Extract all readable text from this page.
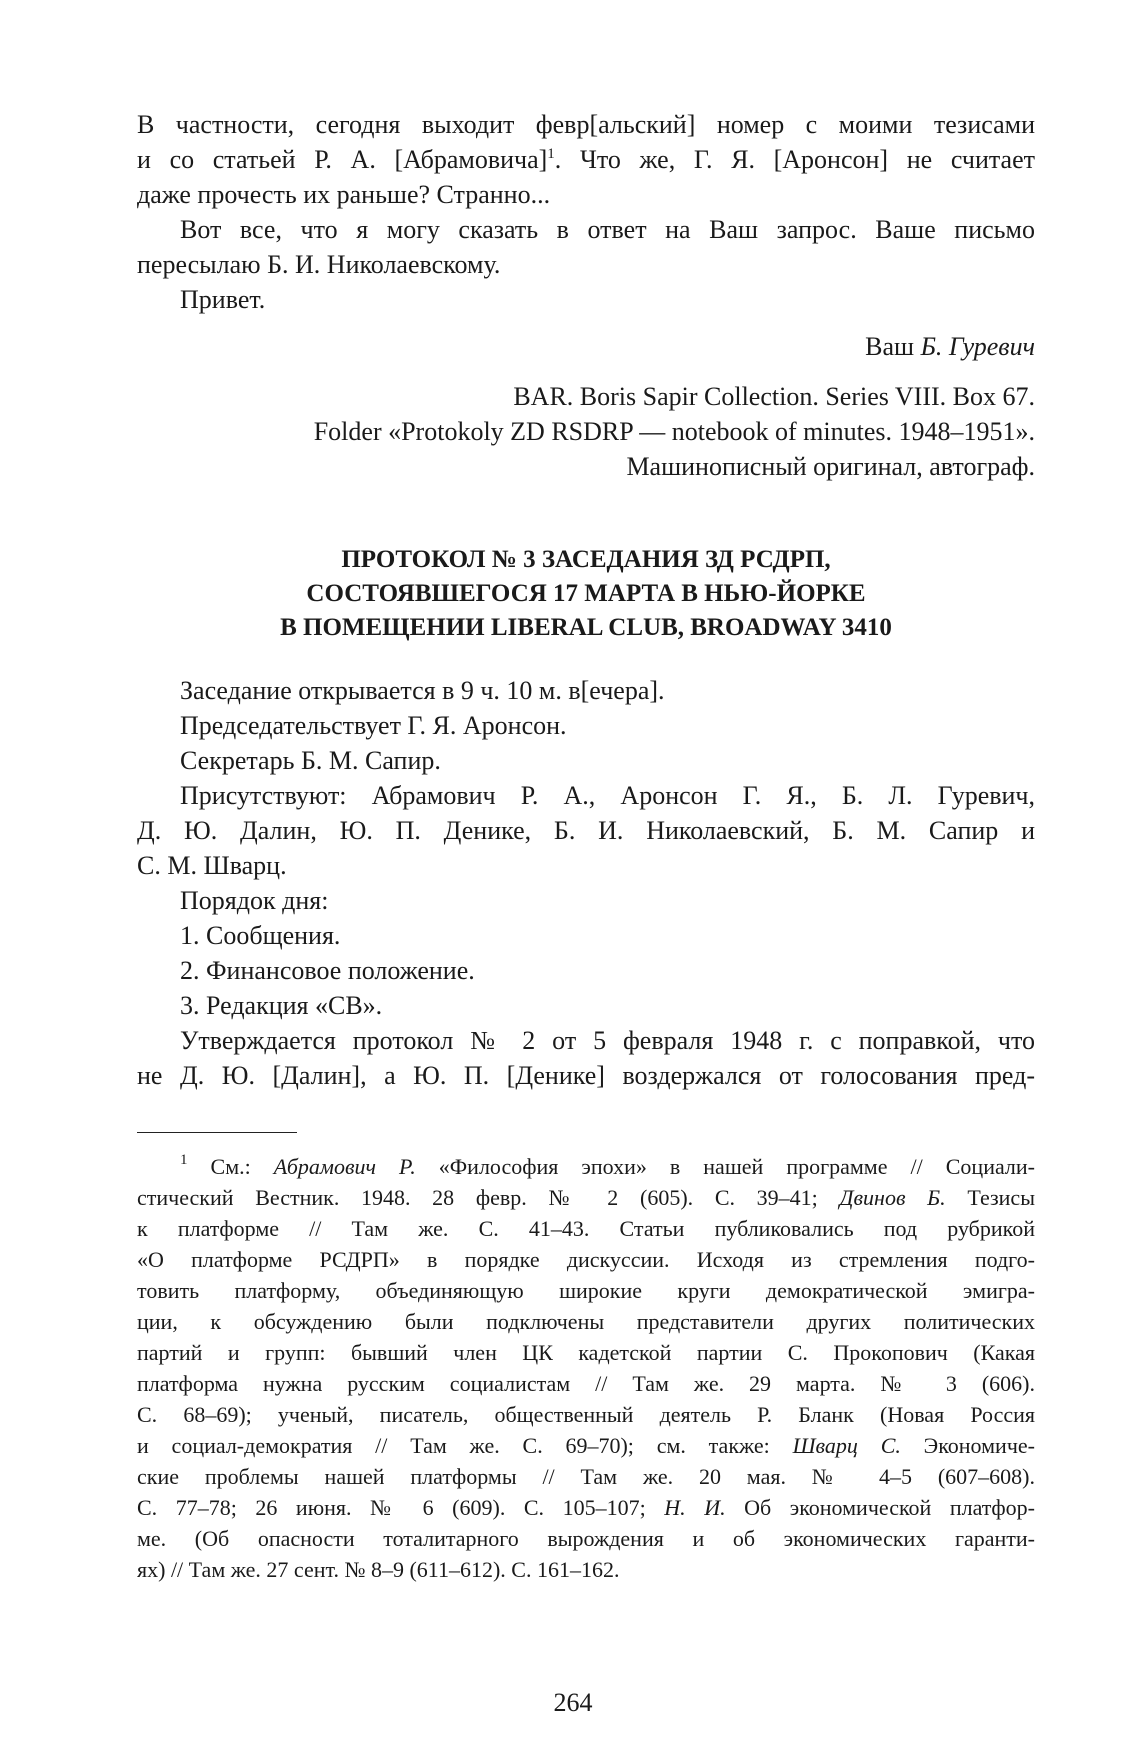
В частности, сегодня выходит февр[альский] номер с моими тезисами
и со статьей Р. А. [Абрамовича]$^1$. Что же, Г. Я. [Аронсон] не считает
даже прочесть их раньше? Странно...
Вот все, что я могу сказать в ответ на Ваш запрос. Ваше письмо
пересылаю Б. И. Николаевскому.
Привет.
Ваш Б. Гуревич
BAR. Boris Sapir Collection. Series VIII. Box 67.
Folder «Protokoly ZD RSDRP — notebook of minutes. 1948–1951».
Машинописный оригинал, автограф.
ПРОТОКОЛ № 3 ЗАСЕДАНИЯ ЗД РСДРП,
СОСТОЯВШЕГОСЯ 17 МАРТА В НЬЮ-ЙОРКЕ
В ПОМЕЩЕНИИ LIBERAL CLUB, BROADWAY 3410
Заседание открывается в 9 ч. 10 м. в[ечера].
Председательствует Г. Я. Аронсон.
Секретарь Б. М. Сапир.
Присутствуют: Абрамович Р. А., Аронсон Г. Я., Б. Л. Гуревич,
Д. Ю. Далин, Ю. П. Денике, Б. И. Николаевский, Б. М. Сапир и
С. М. Шварц.
Порядок дня:
1. Сообщения.
2. Финансовое положение.
3. Редакция «СВ».
Утверждается протокол № 2 от 5 февраля 1948 г. с поправкой, что
не Д. Ю. [Далин], а Ю. П. [Денике] воздержался от голосования пред-
$^1$ См.: Абрамович Р. «Философия эпохи» в нашей программе // Социали-
стический Вестник. 1948. 28 февр. № 2 (605). С. 39–41; Двинов Б. Тезисы
к платформе // Там же. С. 41–43. Статьи публиковались под рубрикой
«О платформе РСДРП» в порядке дискуссии. Исходя из стремления подго-
товить платформу, объединяющую широкие круги демократической эмигра-
ции, к обсуждению были подключены представители других политических
партий и групп: бывший член ЦК кадетской партии С. Прокопович (Какая
платформа нужна русским социалистам // Там же. 29 марта. № 3 (606).
С. 68–69); ученый, писатель, общественный деятель Р. Бланк (Новая Россия
и социал-демократия // Там же. С. 69–70); см. также: Шварц С. Экономиче-
ские проблемы нашей платформы // Там же. 20 мая. № 4–5 (607–608).
С. 77–78; 26 июня. № 6 (609). С. 105–107; Н. И. Об экономической платфор-
ме. (Об опасности тоталитарного вырождения и об экономических гаранти-
ях) // Там же. 27 сент. № 8–9 (611–612). С. 161–162.
264
